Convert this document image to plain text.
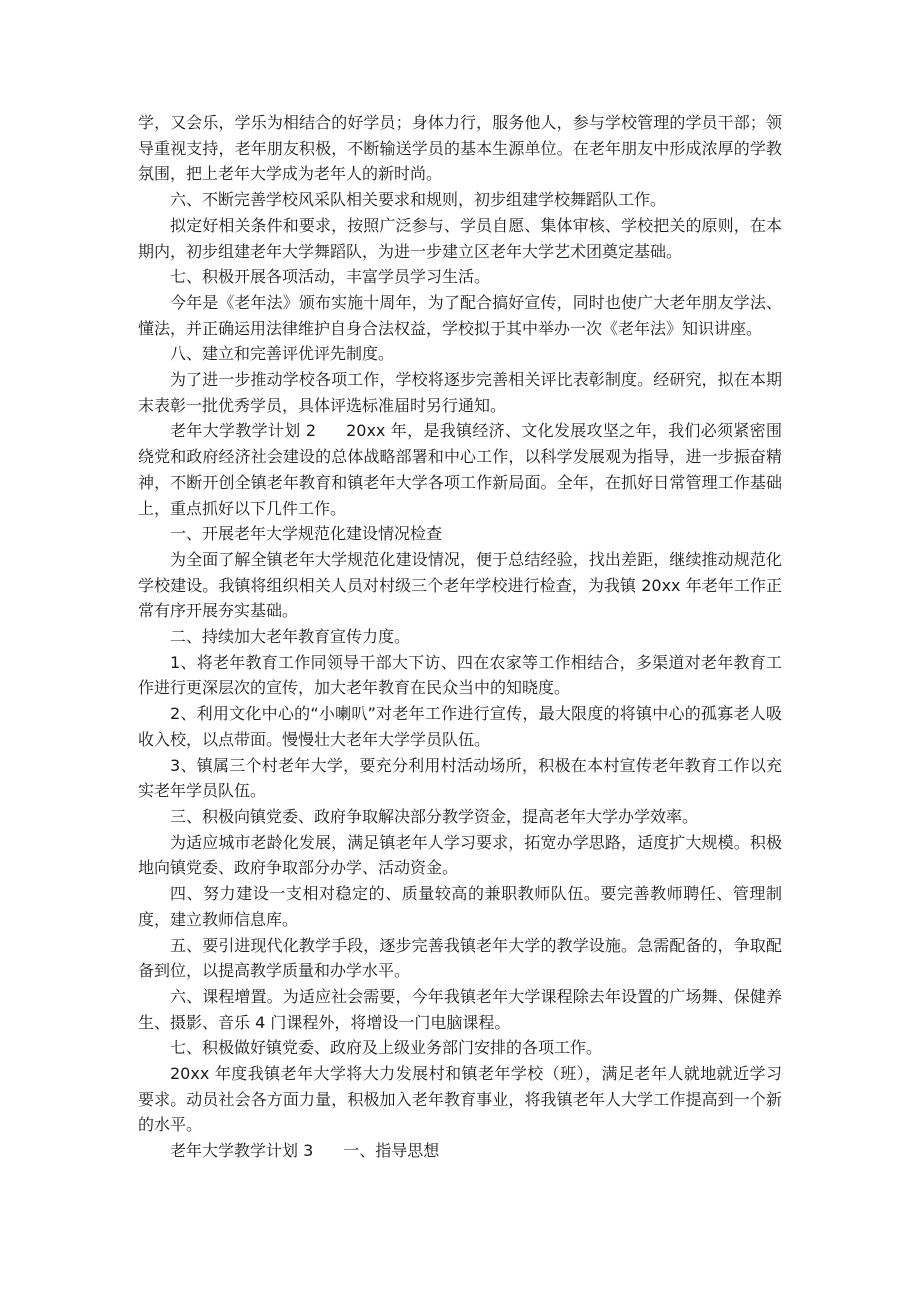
学，又会乐，学乐为相结合的好学员；身体力行，服务他人，参与学校管理的学员干部；领导重视支持，老年朋友积极，不断输送学员的基本生源单位。在老年朋友中形成浓厚的学教氛围，把上老年大学成为老年人的新时尚。

六、不断完善学校风采队相关要求和规则，初步组建学校舞蹈队工作。

拟定好相关条件和要求，按照广泛参与、学员自愿、集体审核、学校把关的原则，在本期内，初步组建老年大学舞蹈队，为进一步建立区老年大学艺术团奠定基础。

七、积极开展各项活动，丰富学员学习生活。

今年是《老年法》颁布实施十周年，为了配合搞好宣传，同时也使广大老年朋友学法、懂法，并正确运用法律维护自身合法权益，学校拟于其中举办一次《老年法》知识讲座。

八、建立和完善评优评先制度。

为了进一步推动学校各项工作，学校将逐步完善相关评比表彰制度。经研究，拟在本期末表彰一批优秀学员，具体评选标准届时另行通知。

老年大学教学计划 2 20xx 年，是我镇经济、文化发展攻坚之年，我们必须紧密围绕党和政府经济社会建设的总体战略部署和中心工作，以科学发展观为指导，进一步振奋精神，不断开创全镇老年教育和镇老年大学各项工作新局面。全年，在抓好日常管理工作基础上，重点抓好以下几件工作。

一、开展老年大学规范化建设情况检查

为全面了解全镇老年大学规范化建设情况，便于总结经验，找出差距，继续推动规范化学校建设。我镇将组织相关人员对村级三个老年学校进行检查，为我镇 20xx 年老年工作正常有序开展夯实基础。

二、持续加大老年教育宣传力度。

1、将老年教育工作同领导干部大下访、四在农家等工作相结合，多渠道对老年教育工作进行更深层次的宣传，加大老年教育在民众当中的知晓度。

2、利用文化中心的“小喇叭”对老年工作进行宣传，最大限度的将镇中心的孤寡老人吸收入校，以点带面。慢慢壮大老年大学学员队伍。

3、镇属三个村老年大学，要充分利用村活动场所，积极在本村宣传老年教育工作以充实老年学员队伍。

三、积极向镇党委、政府争取解决部分教学资金，提高老年大学办学效率。

为适应城市老龄化发展，满足镇老年人学习要求，拓宽办学思路，适度扩大规模。积极地向镇党委、政府争取部分办学、活动资金。

四、努力建设一支相对稳定的、质量较高的兼职教师队伍。要完善教师聘任、管理制度，建立教师信息库。

五、要引进现代化教学手段，逐步完善我镇老年大学的教学设施。急需配备的，争取配备到位，以提高教学质量和办学水平。

六、课程增置。为适应社会需要，今年我镇老年大学课程除去年设置的广场舞、保健养生、摄影、音乐 4 门课程外，将增设一门电脑课程。

七、积极做好镇党委、政府及上级业务部门安排的各项工作。

20xx 年度我镇老年大学将大力发展村和镇老年学校（班），满足老年人就地就近学习要求。动员社会各方面力量，积极加入老年教育事业，将我镇老年人大学工作提高到一个新的水平。

老年大学教学计划 3 一、指导思想
